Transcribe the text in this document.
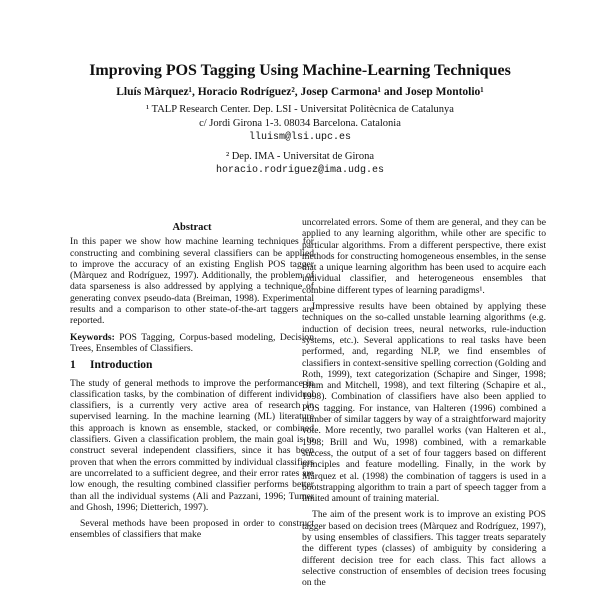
Improving POS Tagging Using Machine-Learning Techniques
Lluís Màrquez¹, Horacio Rodríguez², Josep Carmona¹ and Josep Montolio¹
¹ TALP Research Center. Dep. LSI - Universitat Politècnica de Catalunya
c/ Jordi Girona 1-3. 08034 Barcelona. Catalonia
lluism@lsi.upc.es
² Dep. IMA - Universitat de Girona
horacio.rodriguez@ima.udg.es
Abstract

In this paper we show how machine learning techniques for constructing and combining several classifiers can be applied to improve the accuracy of an existing English POS tagger (Màrquez and Rodríguez, 1997). Additionally, the problem of data sparseness is also addressed by applying a technique of generating convex pseudo-data (Breiman, 1998). Experimental results and a comparison to other state-of-the-art taggers are reported.

Keywords: POS Tagging, Corpus-based modeling, Decision Trees, Ensembles of Classifiers.

1 Introduction

The study of general methods to improve the performance in classification tasks, by the combination of different individual classifiers, is a currently very active area of research in supervised learning. In the machine learning (ML) literature this approach is known as ensemble, stacked, or combined classifiers. Given a classification problem, the main goal is to construct several independent classifiers, since it has been proven that when the errors committed by individual classifiers are uncorrelated to a sufficient degree, and their error rates are low enough, the resulting combined classifier performs better than all the individual systems (Ali and Pazzani, 1996; Tumer and Ghosh, 1996; Dietterich, 1997).

Several methods have been proposed in order to construct ensembles of classifiers that make

uncorrelated errors. Some of them are general, and they can be applied to any learning algorithm, while other are specific to particular algorithms. From a different perspective, there exist methods for constructing homogeneous ensembles, in the sense that a unique learning algorithm has been used to acquire each individual classifier, and heterogeneous ensembles that combine different types of learning paradigms¹.

Impressive results have been obtained by applying these techniques on the so-called unstable learning algorithms (e.g. induction of decision trees, neural networks, rule-induction systems, etc.). Several applications to real tasks have been performed, and, regarding NLP, we find ensembles of classifiers in context-sensitive spelling correction (Golding and Roth, 1999), text categorization (Schapire and Singer, 1998; Blum and Mitchell, 1998), and text filtering (Schapire et al., 1998). Combination of classifiers have also been applied to POS tagging. For instance, van Halteren (1996) combined a number of similar taggers by way of a straightforward majority vote. More recently, two parallel works (van Halteren et al., 1998; Brill and Wu, 1998) combined, with a remarkable success, the output of a set of four taggers based on different principles and feature modelling. Finally, in the work by Màrquez et al. (1998) the combination of taggers is used in a bootstrapping algorithm to train a part of speech tagger from a limited amount of training material.

The aim of the present work is to improve an existing POS tagger based on decision trees (Màrquez and Rodríguez, 1997), by using ensembles of classifiers. This tagger treats separately the different types (classes) of ambiguity by considering a different decision tree for each class. This fact allows a selective construction of ensembles of decision trees focusing on the
